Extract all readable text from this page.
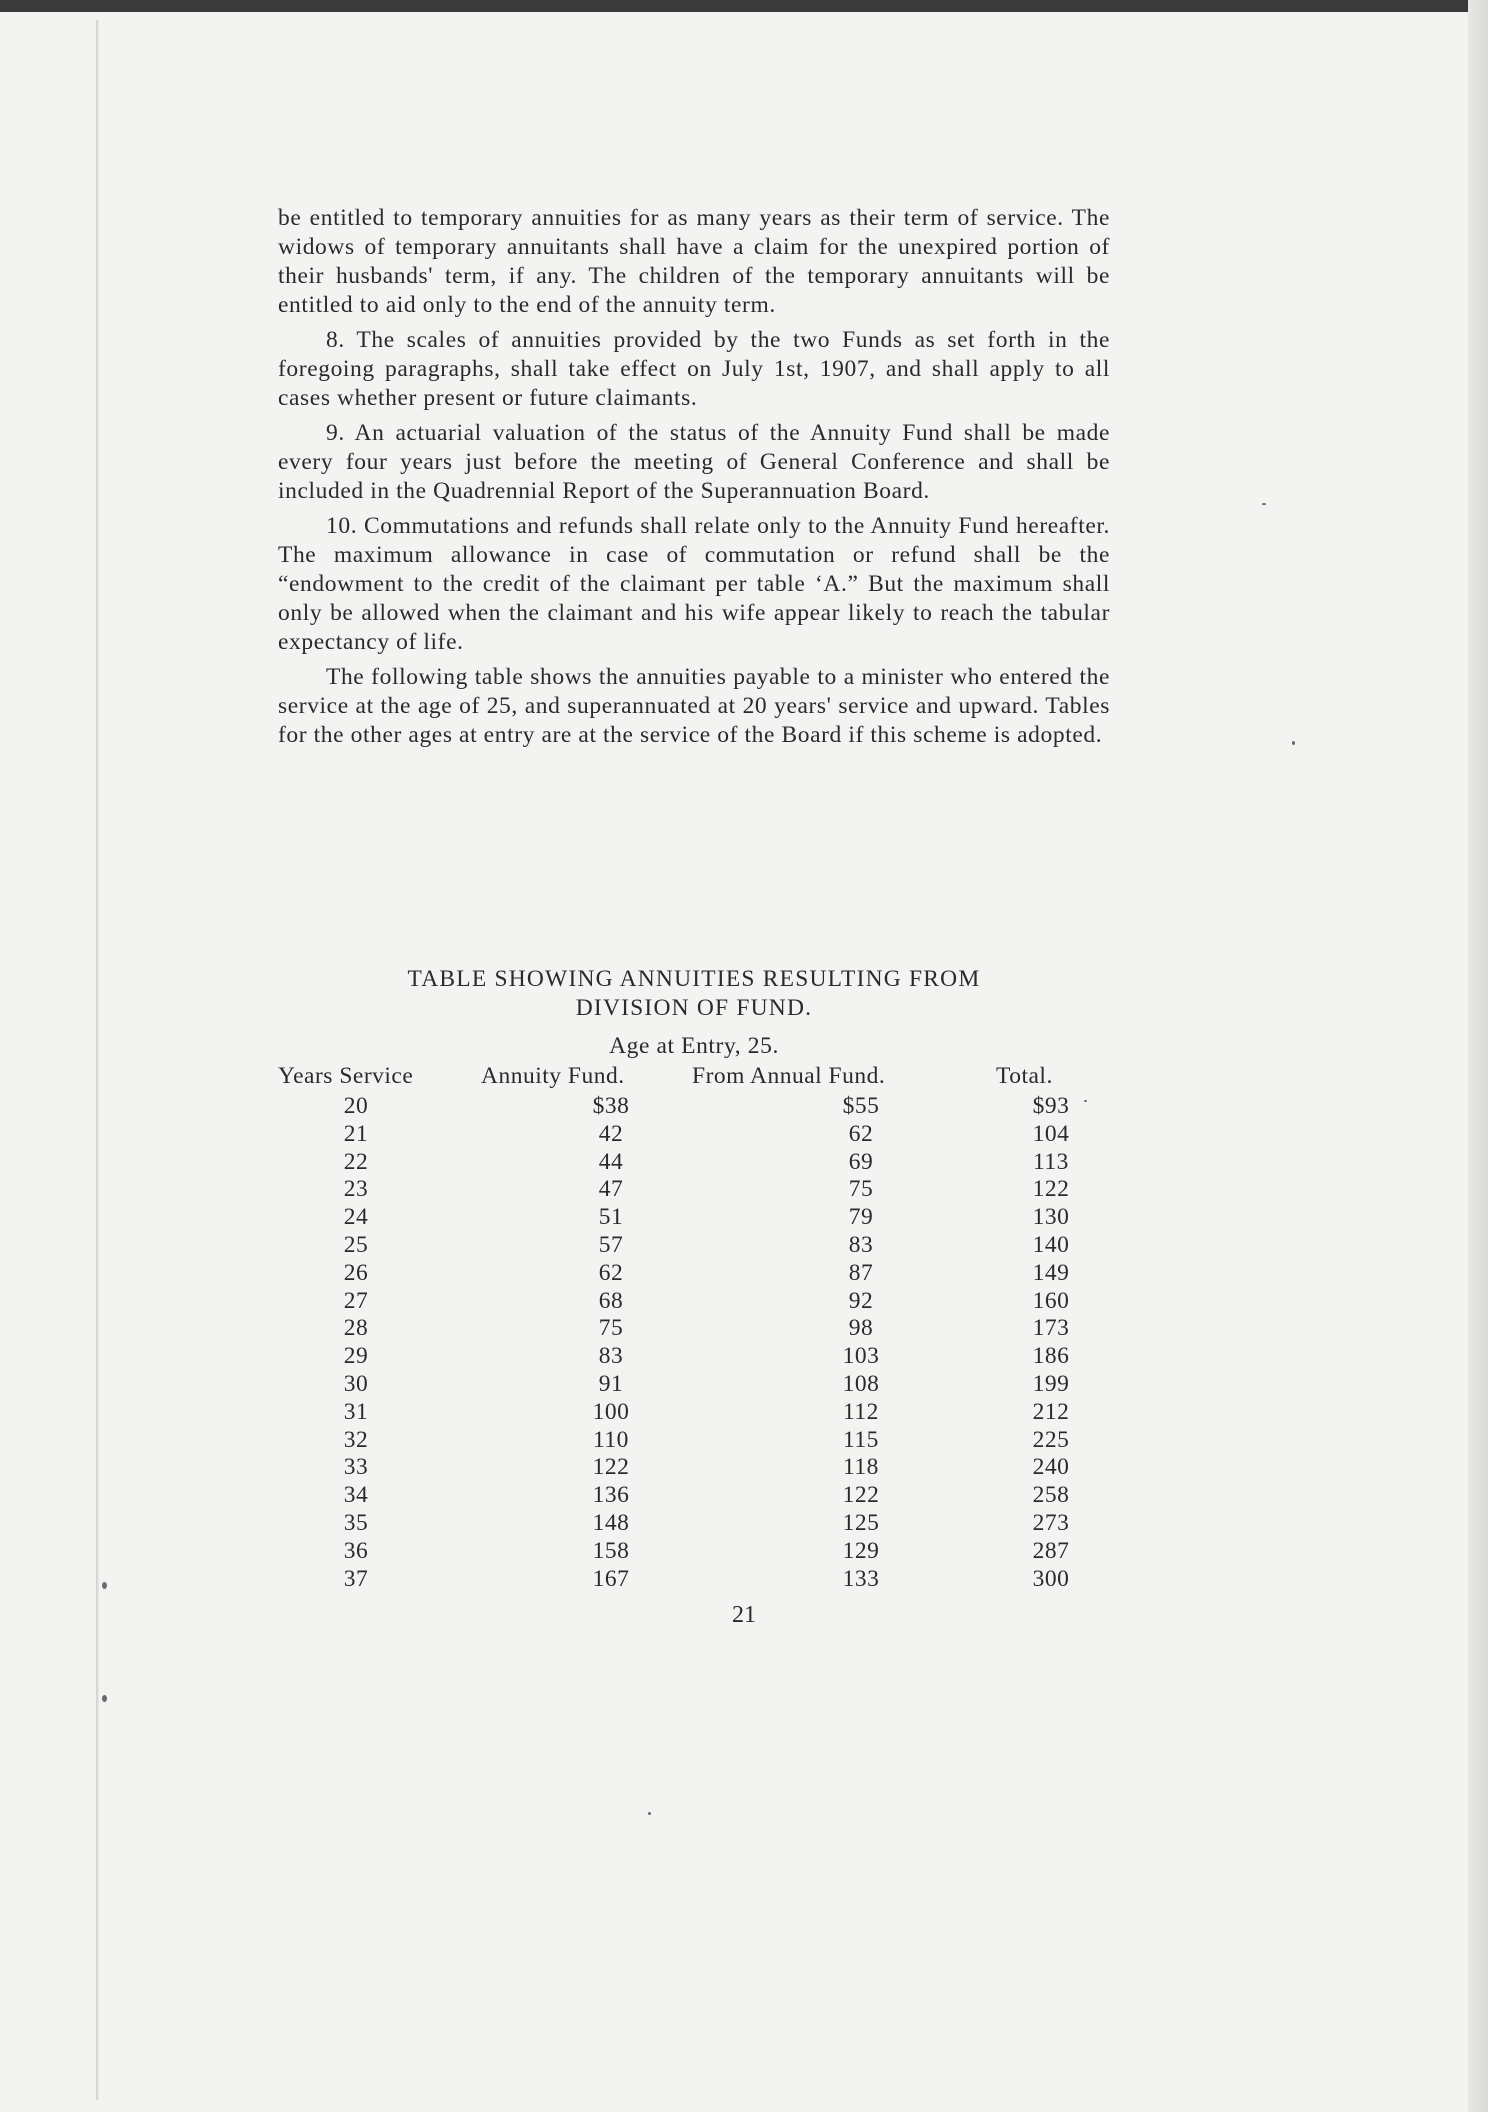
be entitled to temporary annuities for as many years as their term of service. The widows of temporary annuitants shall have a claim for the unexpired portion of their husbands' term, if any. The children of the temporary annuitants will be entitled to aid only to the end of the annuity term.

8. The scales of annuities provided by the two Funds as set forth in the foregoing paragraphs, shall take effect on July 1st, 1907, and shall apply to all cases whether present or future claimants.

9. An actuarial valuation of the status of the Annuity Fund shall be made every four years just before the meeting of General Conference and shall be included in the Quadrennial Report of the Superannuation Board.

10. Commutations and refunds shall relate only to the Annuity Fund hereafter. The maximum allowance in case of commutation or refund shall be the “endowment to the credit of the claimant per table ‘A.” But the maximum shall only be allowed when the claimant and his wife appear likely to reach the tabular expectancy of life.

The following table shows the annuities payable to a minister who entered the service at the age of 25, and superannuated at 20 years' service and upward. Tables for the other ages at entry are at the service of the Board if this scheme is adopted.

TABLE SHOWING ANNUITIES RESULTING FROM
DIVISION OF FUND.
Age at Entry, 25.
Years Service	Annuity Fund.	From Annual Fund.	Total.
20	$38	$55	$93
21	42	62	104
22	44	69	113
23	47	75	122
24	51	79	130
25	57	83	140
26	62	87	149
27	68	92	160
28	75	98	173
29	83	103	186
30	91	108	199
31	100	112	212
32	110	115	225
33	122	118	240
34	136	122	258
35	148	125	273
36	158	129	287
37	167	133	300
21
